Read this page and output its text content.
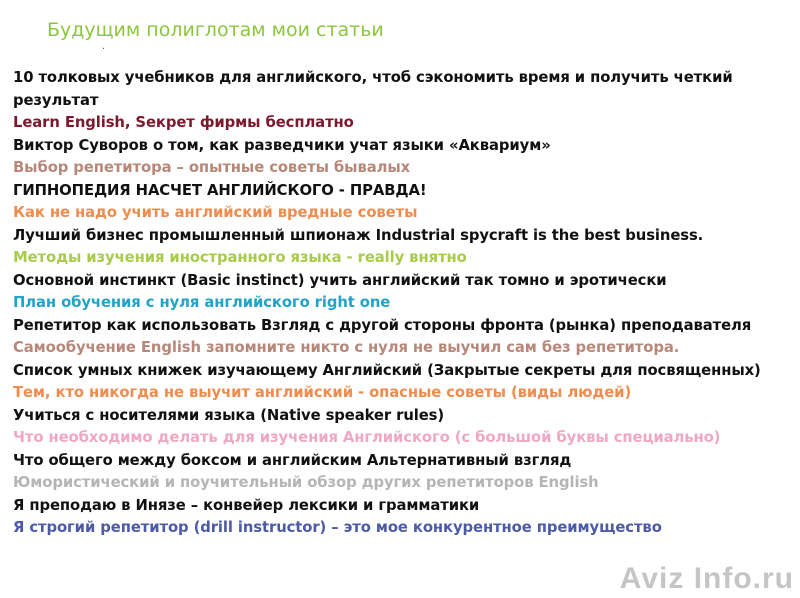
Будущим полиглотам мои статьи
.
10 толковых учебников для английского, чтоб сэкономить время и получить четкий результат
Learn English, Sекрет фирмы бесплатно
Виктор Суворов о том, как разведчики учат языки «Аквариум»
Выбор репетитора – опытные советы бывалых
ГИПНОПЕДИЯ НАСЧЕТ АНГЛИЙСКОГО - ПРАВДА!
Как не надо учить английский вредные советы
Лучший бизнес промышленный шпионаж Industrial spycraft is the best business.
Методы изучения иностранного языка - really внятно
Основной инстинкт (Basic instinct) учить английский так томно и эротически
План обучения с нуля английского right one
Репетитор как использовать Взгляд с другой стороны фронта (рынка) преподавателя
Самообучение English запомните никто с нуля не выучил сам без репетитора.
Список умных книжек изучающему Английский (Закрытые секреты для посвященных)
Тем, кто никогда не выучит английский - опасные советы (виды людей)
Учиться с носителями языка (Native speaker rules)
Что необходимо делать для изучения Английского (с большой буквы специально)
Что общего между боксом и английским Альтернативный взгляд
Юмористический и поучительный обзор других репетиторов English
Я преподаю в Инязе – конвейер лексики и грамматики
Я строгий репетитор (drill instructor) – это мое конкурентное преимущество
Aviz Info.ru
